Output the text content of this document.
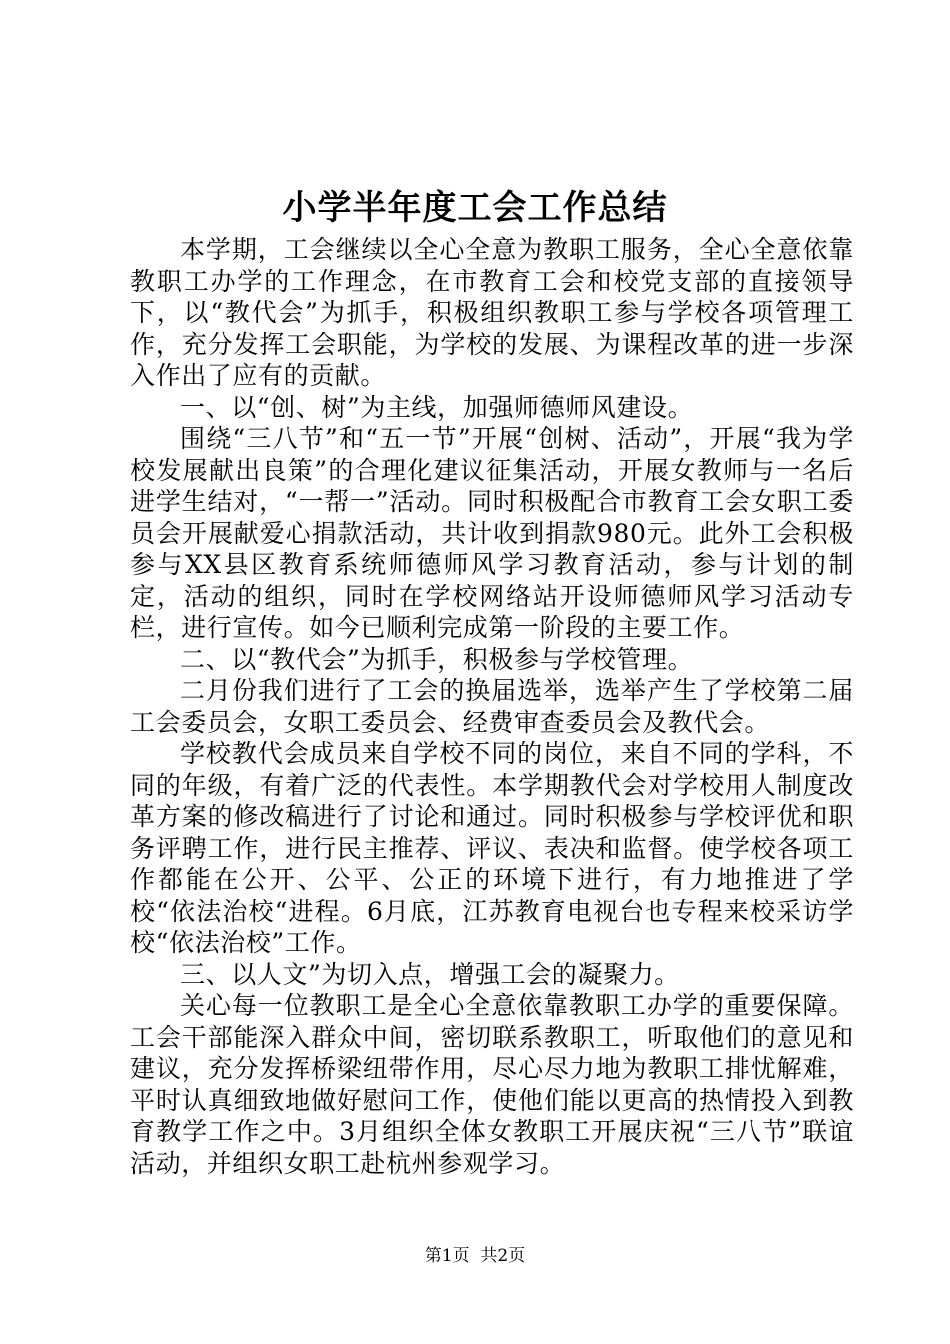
小学半年度工会工作总结

本学期，工会继续以全心全意为教职工服务，全心全意依靠教职工办学的工作理念，在市教育工会和校党支部的直接领导下，以“教代会”为抓手，积极组织教职工参与学校各项管理工作，充分发挥工会职能，为学校的发展、为课程改革的进一步深入作出了应有的贡献。

一、以“创、树”为主线，加强师德师风建设。

围绕“三八节”和“五一节”开展“创树、活动”，开展“我为学校发展献出良策”的合理化建议征集活动，开展女教师与一名后进学生结对，“一帮一”活动。同时积极配合市教育工会女职工委员会开展献爱心捐款活动，共计收到捐款980元。此外工会积极参与XX县区教育系统师德师风学习教育活动，参与计划的制定，活动的组织，同时在学校网络站开设师德师风学习活动专栏，进行宣传。如今已顺利完成第一阶段的主要工作。

二、以“教代会”为抓手，积极参与学校管理。

二月份我们进行了工会的换届选举，选举产生了学校第二届工会委员会，女职工委员会、经费审查委员会及教代会。

学校教代会成员来自学校不同的岗位，来自不同的学科，不同的年级，有着广泛的代表性。本学期教代会对学校用人制度改革方案的修改稿进行了讨论和通过。同时积极参与学校评优和职务评聘工作，进行民主推荐、评议、表决和监督。使学校各项工作都能在公开、公平、公正的环境下进行，有力地推进了学校“依法治校“进程。6月底，江苏教育电视台也专程来校采访学校“依法治校”工作。

三、以人文”为切入点，增强工会的凝聚力。

关心每一位教职工是全心全意依靠教职工办学的重要保障。工会干部能深入群众中间，密切联系教职工，听取他们的意见和建议，充分发挥桥梁纽带作用，尽心尽力地为教职工排忧解难，平时认真细致地做好慰问工作，使他们能以更高的热情投入到教育教学工作之中。3月组织全体女教职工开展庆祝“三八节”联谊活动，并组织女职工赴杭州参观学习。

第1页 共2页
